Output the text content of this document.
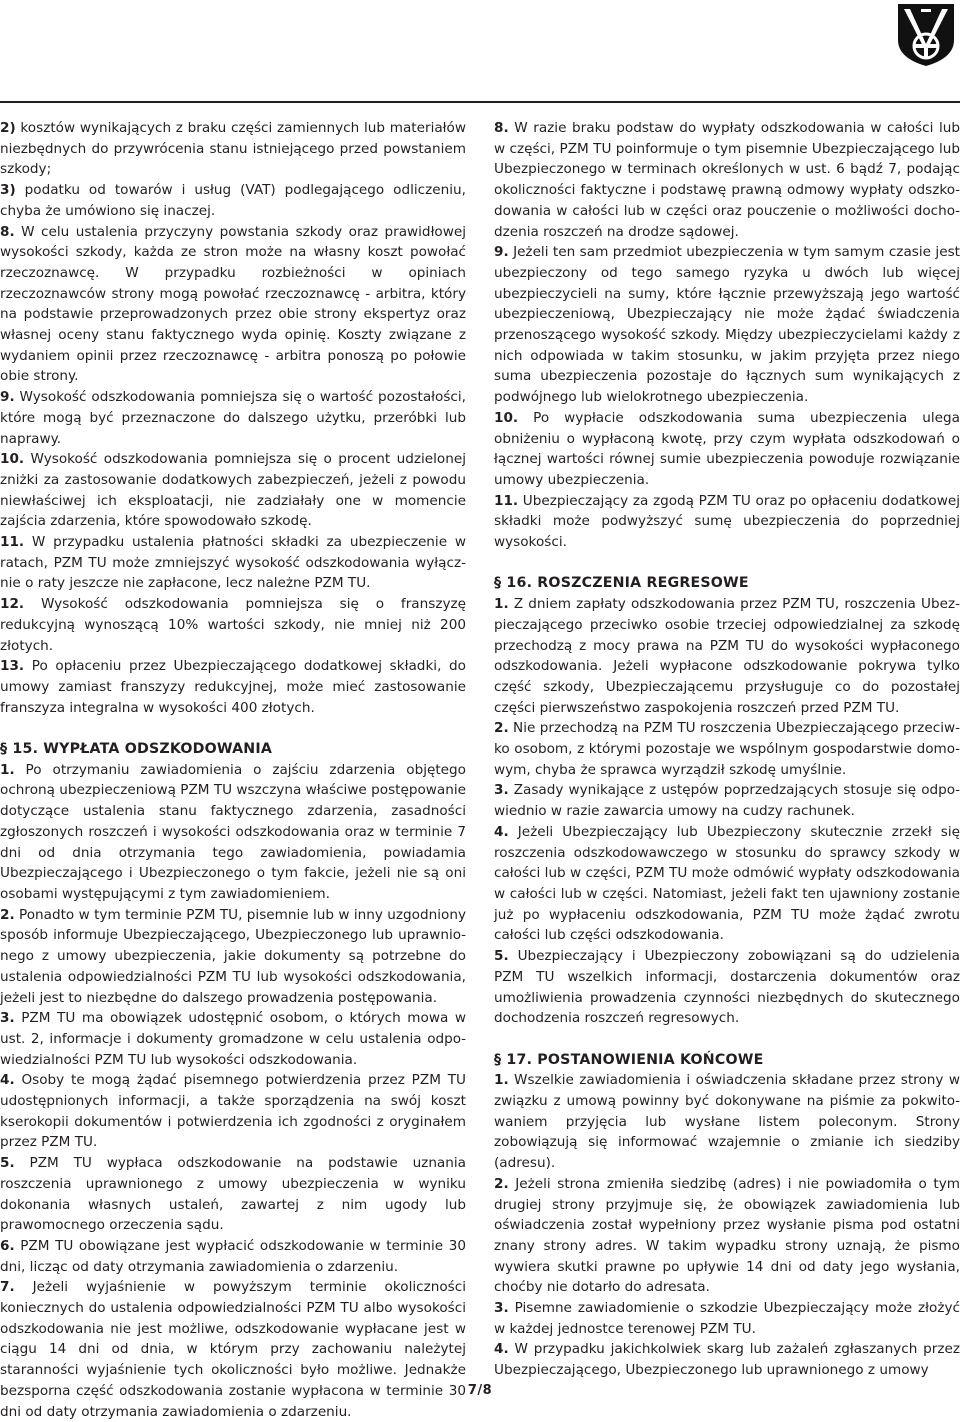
2) kosztów wynikających z braku części zamiennych lub materiałów niezbędnych do przywrócenia stanu istniejącego przed powstaniem szkody;

3) podatku od towarów i usług (VAT) podlegającego odliczeniu, chyba że umówiono się inaczej.

8. W celu ustalenia przyczyny powstania szkody oraz prawidłowej wysokości szkody, każda ze stron może na własny koszt powołać rzeczoznawcę. W przypadku rozbieżności w opiniach rzeczoznawców strony mogą powołać rzeczoznawcę - arbitra, który na podstawie przeprowadzonych przez obie strony ekspertyz oraz własnej oceny stanu faktycznego wyda opinię. Koszty związane z wydaniem opinii przez rzeczoznawcę - arbitra ponoszą po połowie obie strony.

9. Wysokość odszkodowania pomniejsza się o wartość pozostałości, które mogą być przeznaczone do dalszego użytku, przeróbki lub naprawy.

10. Wysokość odszkodowania pomniejsza się o procent udzielonej zniżki za zastosowanie dodatkowych zabezpieczeń, jeżeli z powodu niewłaściwej ich eksploatacji, nie zadziałały one w momencie zajścia zdarzenia, które spowodowało szkodę.

11. W przypadku ustalenia płatności składki za ubezpieczenie w ratach, PZM TU może zmniejszyć wysokość odszkodowania wyłącznie o raty jeszcze nie zapłacone, lecz należne PZM TU.

12. Wysokość odszkodowania pomniejsza się o franszyzę redukcyjną wynoszącą 10% wartości szkody, nie mniej niż 200 złotych.

13. Po opłaceniu przez Ubezpieczającego dodatkowej składki, do umowy zamiast franszyzy redukcyjnej, może mieć zastosowanie franszyza integralna w wysokości 400 złotych.

§ 15. WYPŁATA ODSZKODOWANIA

1. Po otrzymaniu zawiadomienia o zajściu zdarzenia objętego ochroną ubezpieczeniową PZM TU wszczyna właściwe postępowanie dotyczące ustalenia stanu faktycznego zdarzenia, zasadności zgłoszonych roszczeń i wysokości odszkodowania oraz w terminie 7 dni od dnia otrzymania tego zawiadomienia, powiadamia Ubezpieczającego i Ubezpieczonego o tym fakcie, jeżeli nie są oni osobami występującymi z tym zawiadomieniem.

2. Ponadto w tym terminie PZM TU, pisemnie lub w inny uzgodniony sposób informuje Ubezpieczającego, Ubezpieczonego lub uprawnionego z umowy ubezpieczenia, jakie dokumenty są potrzebne do ustalenia odpowiedzialności PZM TU lub wysokości odszkodowania, jeżeli jest to niezbędne do dalszego prowadzenia postępowania.

3. PZM TU ma obowiązek udostępnić osobom, o których mowa w ust. 2, informacje i dokumenty gromadzone w celu ustalenia odpowiedzialności PZM TU lub wysokości odszkodowania.

4. Osoby te mogą żądać pisemnego potwierdzenia przez PZM TU udostępnionych informacji, a także sporządzenia na swój koszt kserokopii dokumentów i potwierdzenia ich zgodności z oryginałem przez PZM TU.

5. PZM TU wypłaca odszkodowanie na podstawie uznania roszczenia uprawnionego z umowy ubezpieczenia w wyniku dokonania własnych ustaleń, zawartej z nim ugody lub prawomocnego orzeczenia sądu.

6. PZM TU obowiązane jest wypłacić odszkodowanie w terminie 30 dni, licząc od daty otrzymania zawiadomienia o zdarzeniu.

7. Jeżeli wyjaśnienie w powyższym terminie okoliczności koniecznych do ustalenia odpowiedzialności PZM TU albo wysokości odszkodowania nie jest możliwe, odszkodowanie wypłacane jest w ciągu 14 dni od dnia, w którym przy zachowaniu należytej staranności wyjaśnienie tych okoliczności było możliwe. Jednakże bezsporna część odszkodowania zostanie wypłacona w terminie 30 dni od daty otrzymania zawiadomienia o zdarzeniu.

8. W razie braku podstaw do wypłaty odszkodowania w całości lub w części, PZM TU poinformuje o tym pisemnie Ubezpieczającego lub Ubezpieczonego w terminach określonych w ust. 6 bądź 7, podając okoliczności faktyczne i podstawę prawną odmowy wypłaty odszkodowania w całości lub w części oraz pouczenie o możliwości dochodzenia roszczeń na drodze sądowej.

9. Jeżeli ten sam przedmiot ubezpieczenia w tym samym czasie jest ubezpieczony od tego samego ryzyka u dwóch lub więcej ubezpieczycieli na sumy, które łącznie przewyższają jego wartość ubezpieczeniową, Ubezpieczający nie może żądać świadczenia przenoszącego wysokość szkody. Między ubezpieczycielami każdy z nich odpowiada w takim stosunku, w jakim przyjęta przez niego suma ubezpieczenia pozostaje do łącznych sum wynikających z podwójnego lub wielokrotnego ubezpieczenia.

10. Po wypłacie odszkodowania suma ubezpieczenia ulega obniżeniu o wypłaconą kwotę, przy czym wypłata odszkodowań o łącznej wartości równej sumie ubezpieczenia powoduje rozwiązanie umowy ubezpieczenia.

11. Ubezpieczający za zgodą PZM TU oraz po opłaceniu dodatkowej składki może podwyższyć sumę ubezpieczenia do poprzedniej wysokości.

§ 16. ROSZCZENIA REGRESOWE

1. Z dniem zapłaty odszkodowania przez PZM TU, roszczenia Ubezpieczającego przeciwko osobie trzeciej odpowiedzialnej za szkodę przechodzą z mocy prawa na PZM TU do wysokości wypłaconego odszkodowania. Jeżeli wypłacone odszkodowanie pokrywa tylko część szkody, Ubezpieczającemu przysługuje co do pozostałej części pierwszeństwo zaspokojenia roszczeń przed PZM TU.

2. Nie przechodzą na PZM TU roszczenia Ubezpieczającego przeciwko osobom, z którymi pozostaje we wspólnym gospodarstwie domowym, chyba że sprawca wyrządził szkodę umyślnie.

3. Zasady wynikające z ustępów poprzedzających stosuje się odpowiednio w razie zawarcia umowy na cudzy rachunek.

4. Jeżeli Ubezpieczający lub Ubezpieczony skutecznie zrzekł się roszczenia odszkodowawczego w stosunku do sprawcy szkody w całości lub w części, PZM TU może odmówić wypłaty odszkodowania w całości lub w części. Natomiast, jeżeli fakt ten ujawniony zostanie już po wypłaceniu odszkodowania, PZM TU może żądać zwrotu całości lub części odszkodowania.

5. Ubezpieczający i Ubezpieczony zobowiązani są do udzielenia PZM TU wszelkich informacji, dostarczenia dokumentów oraz umożliwienia prowadzenia czynności niezbędnych do skutecznego dochodzenia roszczeń regresowych.

§ 17. POSTANOWIENIA KOŃCOWE

1. Wszelkie zawiadomienia i oświadczenia składane przez strony w związku z umową powinny być dokonywane na piśmie za pokwitowaniem przyjęcia lub wysłane listem poleconym. Strony zobowiązują się informować wzajemnie o zmianie ich siedziby (adresu).

2. Jeżeli strona zmieniła siedzibę (adres) i nie powiadomiła o tym drugiej strony przyjmuje się, że obowiązek zawiadomienia lub oświadczenia został wypełniony przez wysłanie pisma pod ostatni znany strony adres. W takim wypadku strony uznają, że pismo wywiera skutki prawne po upływie 14 dni od daty jego wysłania, choćby nie dotarło do adresata.

3. Pisemne zawiadomienie o szkodzie Ubezpieczający może złożyć w każdej jednostce terenowej PZM TU.

4. W przypadku jakichkolwiek skarg lub zażaleń zgłaszanych przez Ubezpieczającego, Ubezpieczonego lub uprawnionego z umowy

7/8
